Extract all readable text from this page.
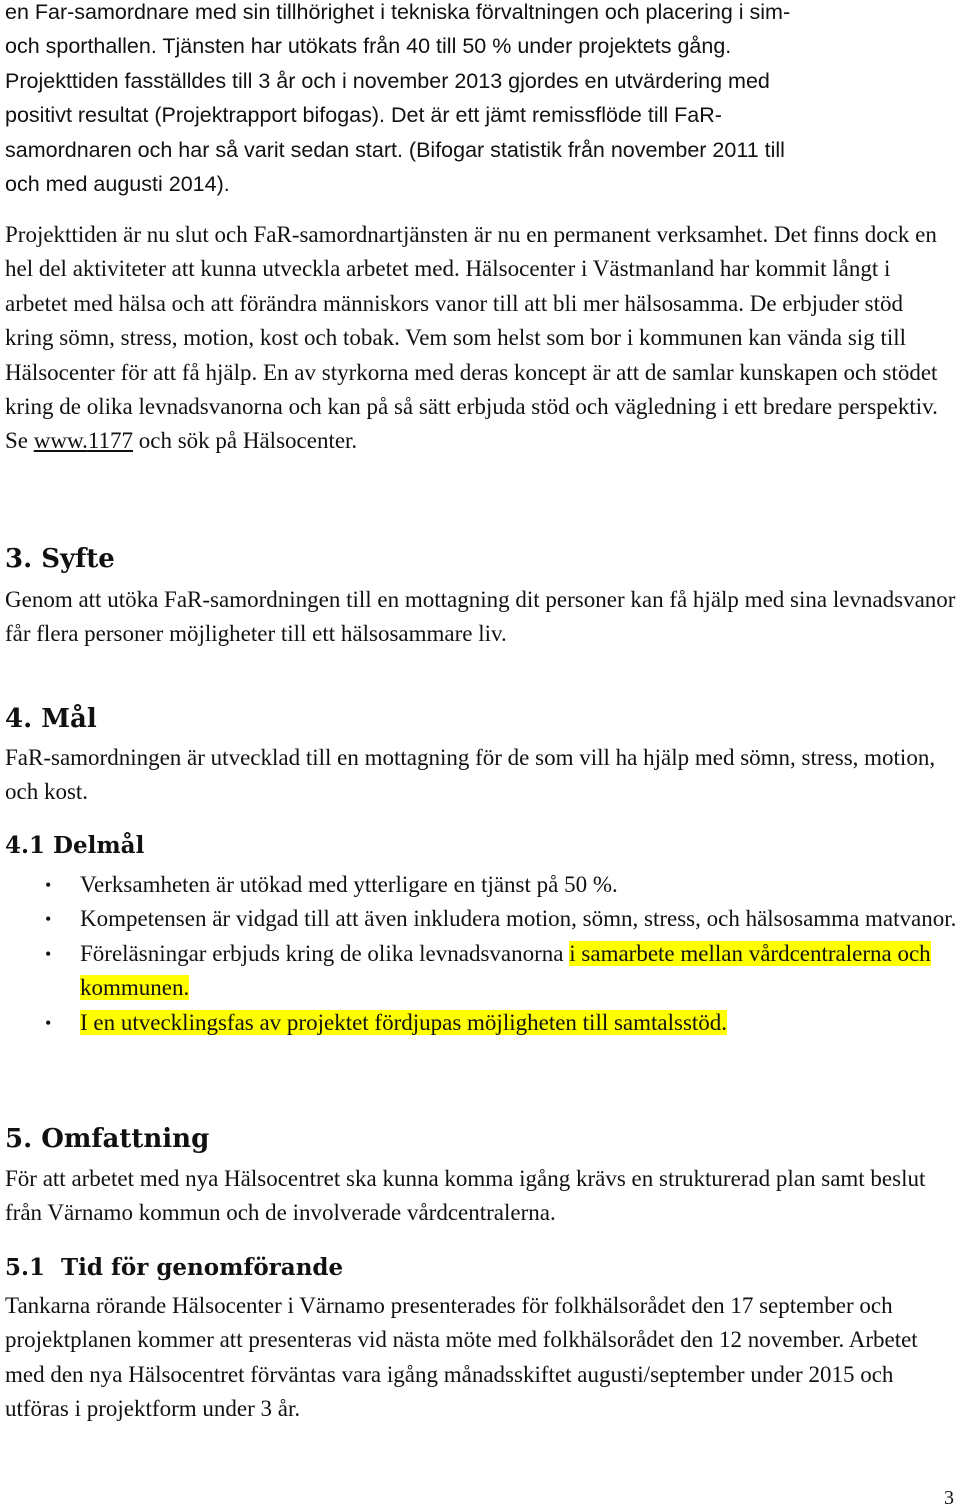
en Far-samordnare med sin tillhörighet i tekniska förvaltningen och placering i sim-

och sporthallen. Tjänsten har utökats från 40 till 50 % under projektets gång.

Projekttiden fasställdes till 3 år och i november 2013 gjordes en utvärdering med

positivt resultat (Projektrapport bifogas). Det är ett jämt remissflöde till FaR-

samordnaren och har så varit sedan start. (Bifogar statistik från november 2011 till

och med augusti 2014).

Projekttiden är nu slut och FaR-samordnartjänsten är nu en permanent verksamhet. Det finns dock en hel del aktiviteter att kunna utveckla arbetet med. Hälsocenter i Västmanland har kommit långt i arbetet med hälsa och att förändra människors vanor till att bli mer hälsosamma. De erbjuder stöd kring sömn, stress, motion, kost och tobak. Vem som helst som bor i kommunen kan vända sig till Hälsocenter för att få hjälp. En av styrkorna med deras koncept är att de samlar kunskapen och stödet kring de olika levnadsvanorna och kan på så sätt erbjuda stöd och vägledning i ett bredare perspektiv. Se www.1177 och sök på Hälsocenter.

3. Syfte

Genom att utöka FaR-samordningen till en mottagning dit personer kan få hjälp med sina levnadsvanor får flera personer möjligheter till ett hälsosammare liv.

4. Mål

FaR-samordningen är utvecklad till en mottagning för de som vill ha hjälp med sömn, stress, motion, och kost.

4.1 Delmål
• Verksamheten är utökad med ytterligare en tjänst på 50 %.
• Kompetensen är vidgad till att även inkludera motion, sömn, stress, och hälsosamma matvanor.
• Föreläsningar erbjuds kring de olika levnadsvanorna i samarbete mellan vårdcentralerna och kommunen.
• I en utvecklingsfas av projektet fördjupas möjligheten till samtalsstöd.
5. Omfattning

För att arbetet med nya Hälsocentret ska kunna komma igång krävs en strukturerad plan samt beslut från Värnamo kommun och de involverade vårdcentralerna.

5.1  Tid för genomförande

Tankarna rörande Hälsocenter i Värnamo presenterades för folkhälsorådet den 17 september och projektplanen kommer att presenteras vid nästa möte med folkhälsorådet den 12 november. Arbetet med den nya Hälsocentret förväntas vara igång månadsskiftet augusti/september under 2015 och utföras i projektform under 3 år.

3
